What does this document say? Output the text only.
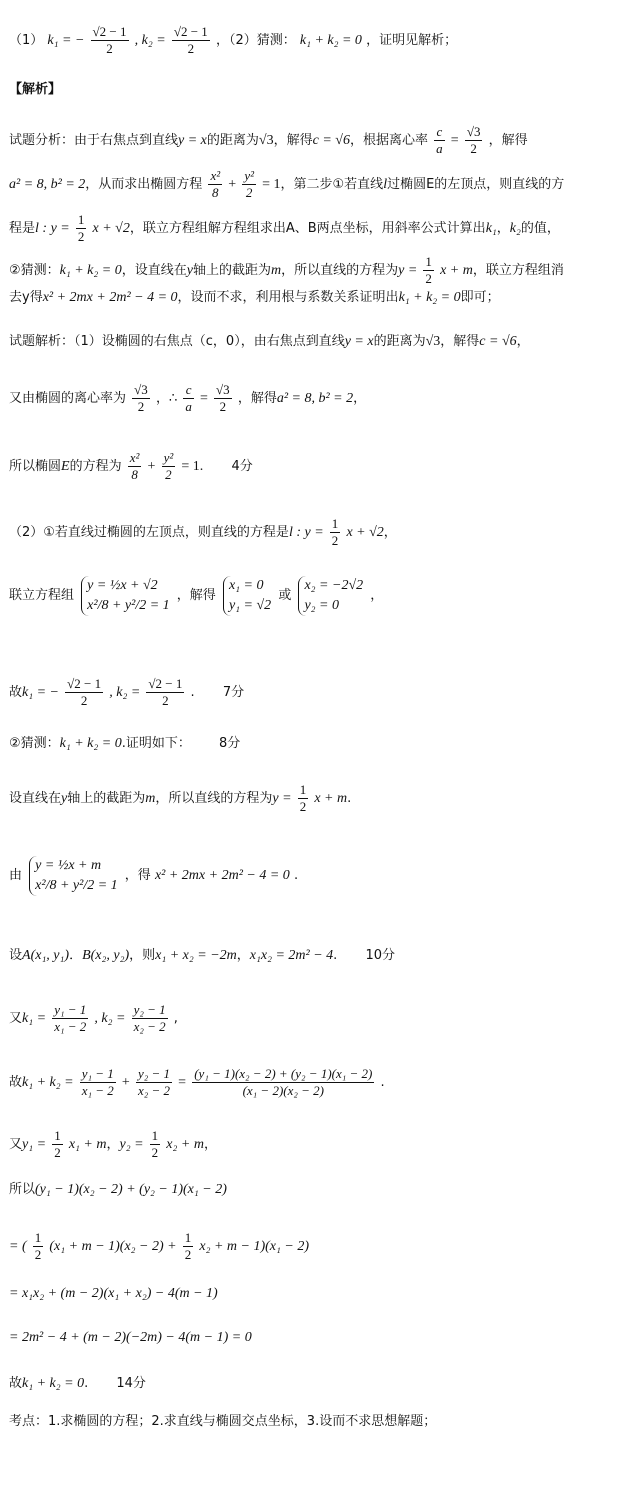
（1） k₁ = − $\frac{√2 - 1}{2}$ , $k_2 = \frac{√2 - 1}{2}$ ，（2）猜测： k₁ + k₂ = 0 ，证明见解析；
【解析】
试题分析：由于右焦点到直线y = x的距离为√3，解得c = √6，根据离心率 $\frac{c}{a} = \frac{√3}{2}$ ，解得
a² = 8, b² = 2，从而求出椭圆方程 $\frac{\text{x²}}{8} + \frac{\text{y²}}{2} = 1$，第二步①若直线l过椭圆E的左顶点，则直线的方
程是l : $y = \frac{1}{2}$ x + √2，联立方程组解方程组求出A、B两点坐标，用斜率公式计算出k₁，k₂的值，
②猜测：k₁ + k₂ = 0，设直线在y轴上的截距为m，所以直线的方程为$y = \frac{1}{2}$ x + m，联立方程组消
去y得x² + 2mx + 2m² − 4 = 0，设而不求，利用根与系数关系证明出k₁ + k₂ = 0即可；
试题解析：（1）设椭圆的右焦点（c，0），由右焦点到直线y = x的距离为√3，解得c = √6，
又由椭圆的离心率为 $\frac{√3}{2}$ ，∴ $\frac{c}{a} = \frac{√3}{2}$ ，解得a² = 8, b² = 2，
所以椭圆E的方程为 $\frac{\text{x²}}{8} + \frac{\text{y²}}{2} = 1$. 4分
（2）①若直线过椭圆的左顶点，则直线的方程是l : $y = \frac{1}{2}$ x + √2，
联立方程组
y = ½x + √2
x²/8 + y²/2 = 1
，解得
x₁ = 0
y₁ = √2
或
x₂ = −2√2
y₂ = 0
，
故k₁ = − $\frac{√2 - 1}{2}$ , $k_2 = \frac{√2 - 1}{2}$ . 7分
②猜测：k₁ + k₂ = 0.证明如下： 8分
设直线在y轴上的截距为m，所以直线的方程为$y = \frac{1}{2}$ x + m.
由
y = ½x + m
x²/8 + y²/2 = 1
，得 x² + 2mx + 2m² − 4 = 0 .
设A(x₁, y₁)．B(x₂, y₂)，则x₁ + x₂ = −2m，x₁x₂ = 2m² − 4. 10分
又$k_1 = \frac{\text{y₁ − 1}}{\text{x₁ − 2}}$ , $k_2 = \frac{\text{y₂ − 1}}{\text{x₂ − 2}}$ ,
故$k_1 + k_2 = \frac{\text{y₁ − 1}}{\text{x₁ − 2}} + \frac{\text{y₂ − 1}}{\text{x₂ − 2}} = \frac{\text{(y₁ − 1)(x₂ − 2) + (y₂ − 1)(x₁ − 2)}}{\text{(x₁ − 2)(x₂ − 2)}}$ .
又$y_1 = \frac{1}{2} x_1 + m$，$y_2 = \frac{1}{2} x_2 + m$，
所以(y₁ − 1)(x₂ − 2) + (y₂ − 1)(x₁ − 2)
= ( $\frac{1}{2} (x_1 + m - 1)(x_2 - 2) + \frac{1}{2} x_2 + m - 1)(x_1 - 2)$
= x₁x₂ + (m − 2)(x₁ + x₂) − 4(m − 1)
= 2m² − 4 + (m − 2)(−2m) − 4(m − 1) = 0
故k₁ + k₂ = 0. 14分
考点：1.求椭圆的方程；2.求直线与椭圆交点坐标，3.设而不求思想解题；
